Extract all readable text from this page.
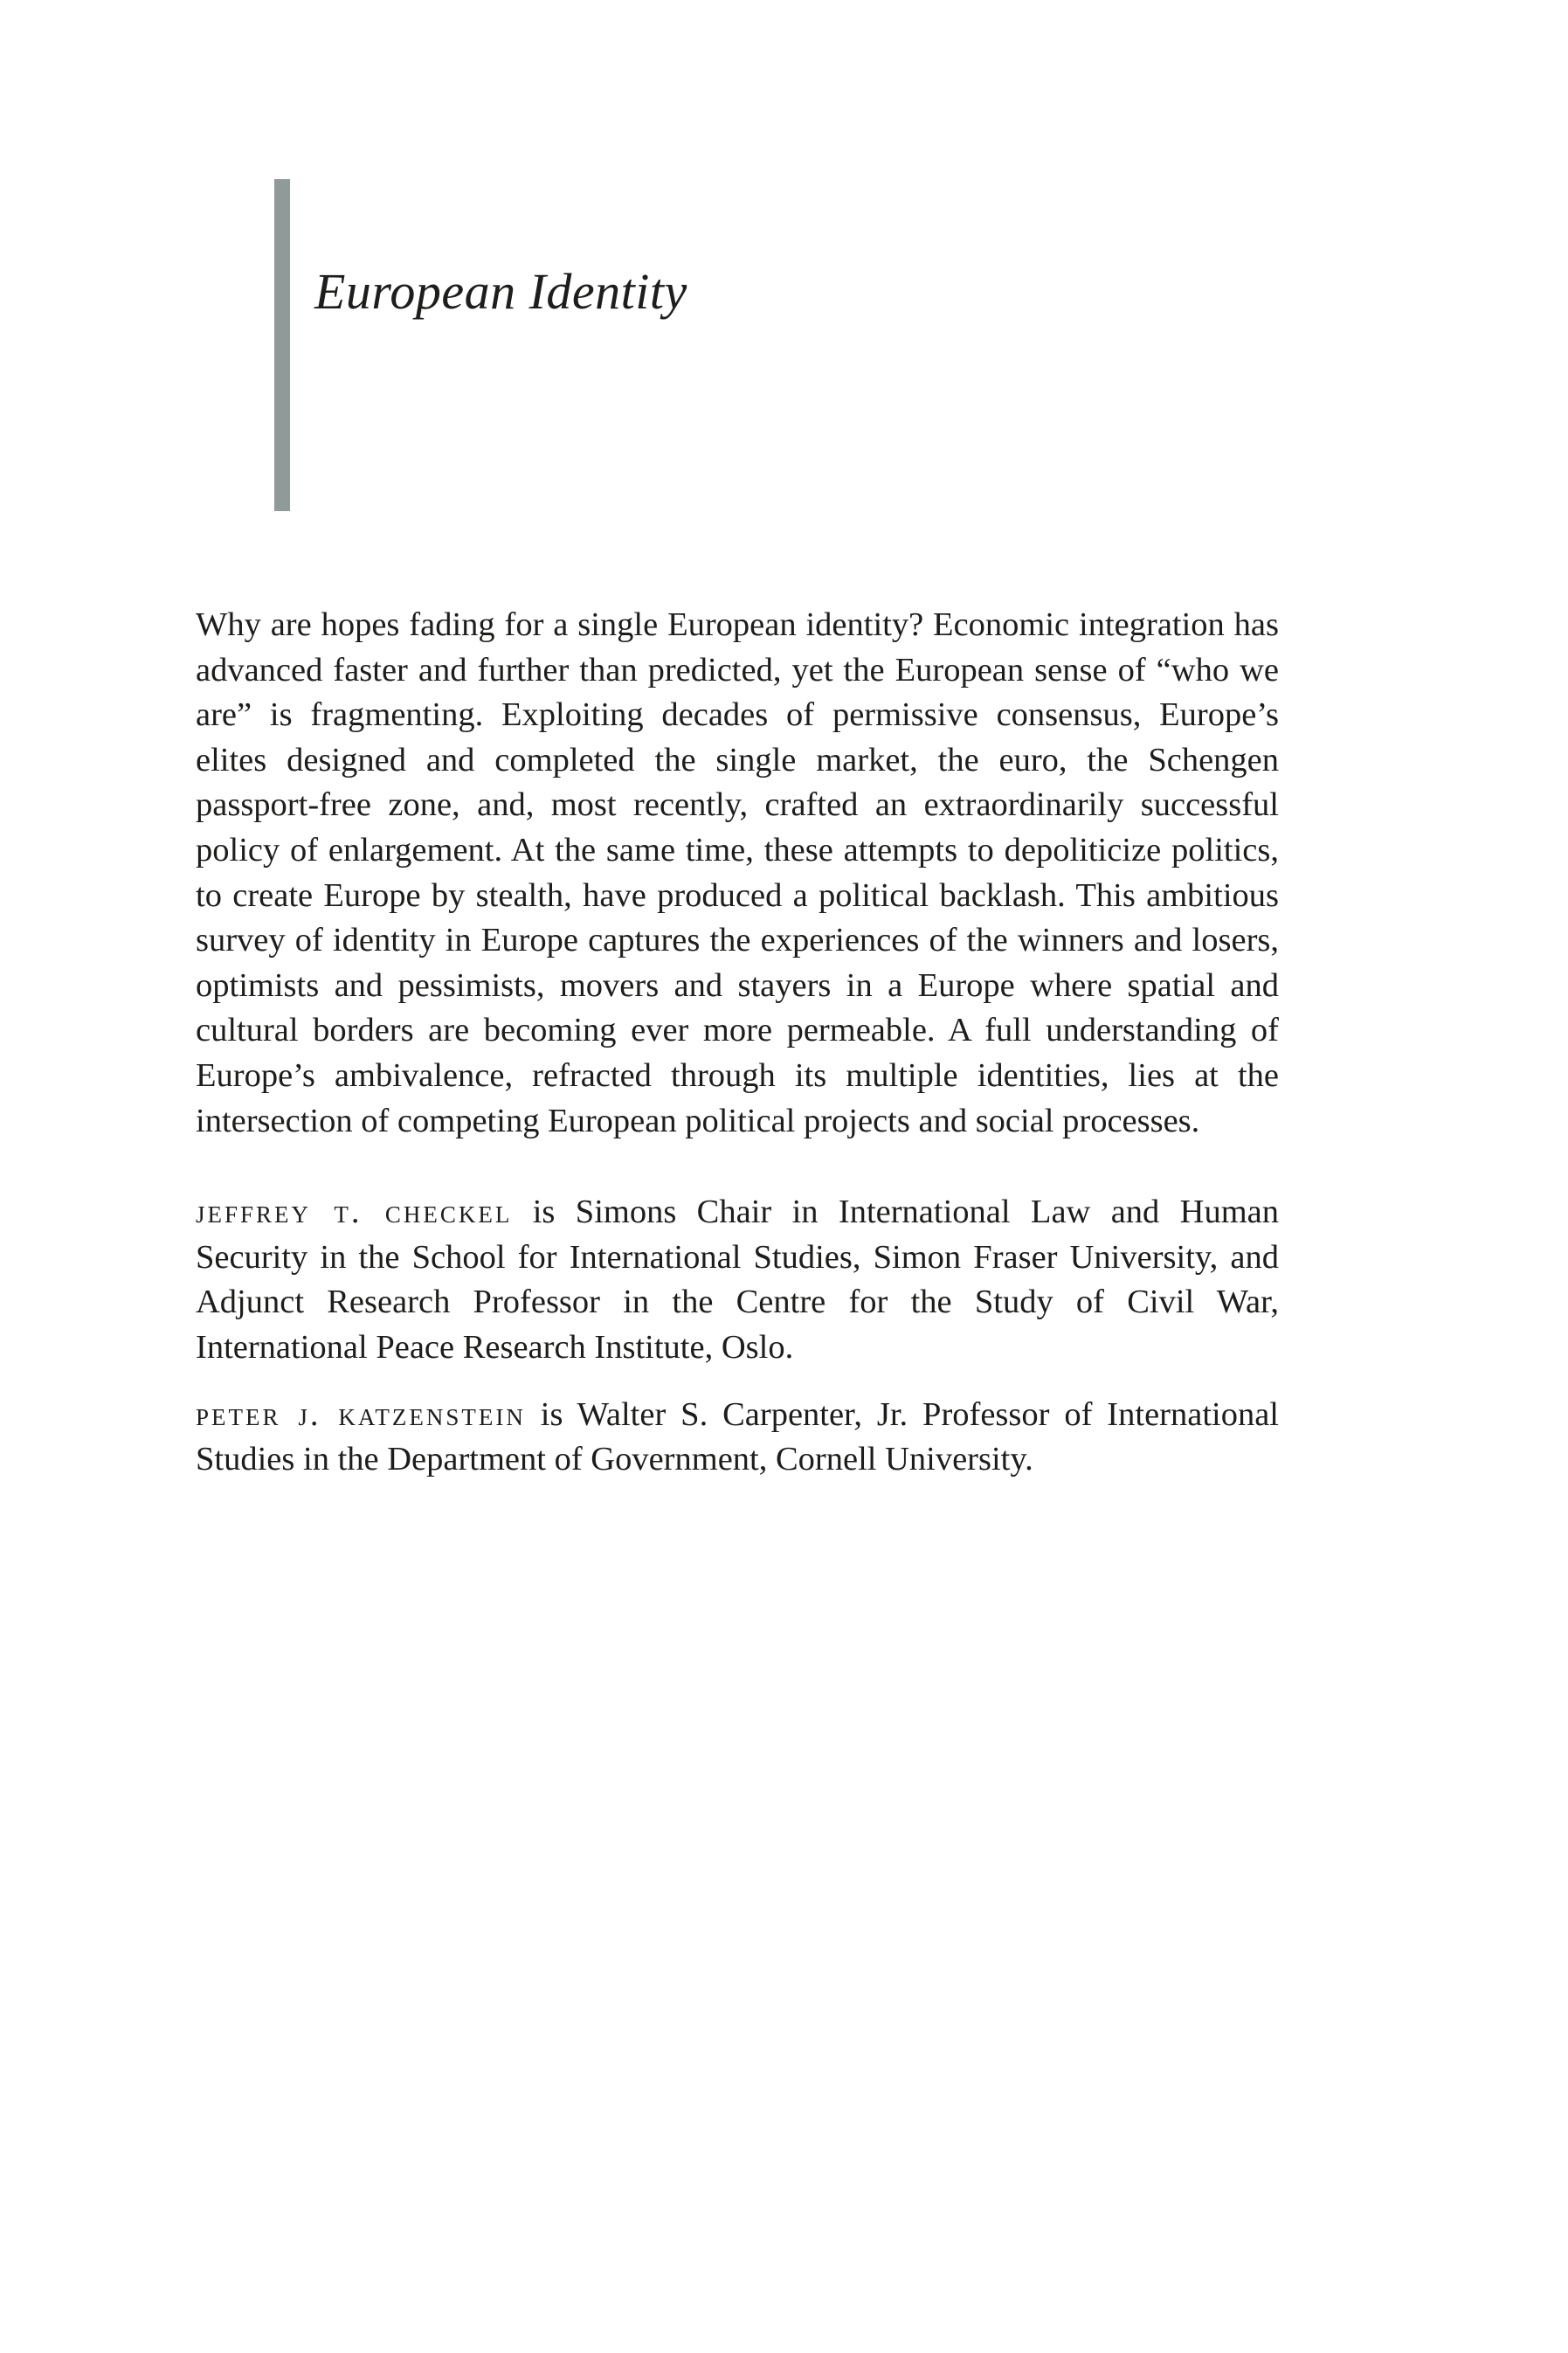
European Identity

Why are hopes fading for a single European identity? Economic integration has advanced faster and further than predicted, yet the European sense of “who we are” is fragmenting. Exploiting decades of permissive consensus, Europe’s elites designed and completed the single market, the euro, the Schengen passport-free zone, and, most recently, crafted an extraordinarily successful policy of enlargement. At the same time, these attempts to depoliticize politics, to create Europe by stealth, have produced a political backlash. This ambitious survey of identity in Europe captures the experiences of the winners and losers, optimists and pessimists, movers and stayers in a Europe where spatial and cultural borders are becoming ever more permeable. A full understanding of Europe’s ambivalence, refracted through its multiple identities, lies at the intersection of competing European political projects and social processes.

jeffrey t. checkel is Simons Chair in International Law and Human Security in the School for International Studies, Simon Fraser University, and Adjunct Research Professor in the Centre for the Study of Civil War, International Peace Research Institute, Oslo.

peter j. katzenstein is Walter S. Carpenter, Jr. Professor of International Studies in the Department of Government, Cornell University.
